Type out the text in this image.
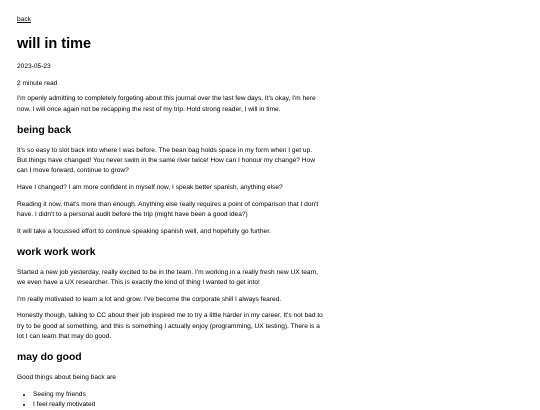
back
will in time

2023-05-23

2 minute read

I'm openly admitting to completely forgeting about this journal over the last few days. It's okay, I'm here now. I will once again not be recapping the rest of my trip. Hold strong reader, I will in time.

being back

It's so easy to slot back into where I was before. The bean bag holds space in my form when I get up. But things have changed! You never swim in the same river twice! How can I honour my change? How can I move forward, continue to grow?

Have I changed? I am more confident in myself now, I speak better spanish, anything else?

Reading it now, that's more than enough. Anything else really requires a point of comparison that I don't have. I didn't to a personal audit before the trip (might have been a good idea?)

It will take a focussed effort to continue speaking spanish well, and hopefully go further.

work work work

Started a new job yesterday, really excited to be in the team. I'm working in a really fresh new UX team, we even have a UX researcher. This is exactly the kind of thing I wanted to get into!

I'm really motivated to learn a lot and grow. I've become the corporate shill I always feared.

Honestly though, talking to CC about their job inspired me to try a little harder in my career. It's not bad to try to be good at something, and this is something I actually enjoy (programming, UX testing). There is a lot I can learn that may do good.

may do good

Good things about being back are

• Seeing my friends
• I feel really motivated
